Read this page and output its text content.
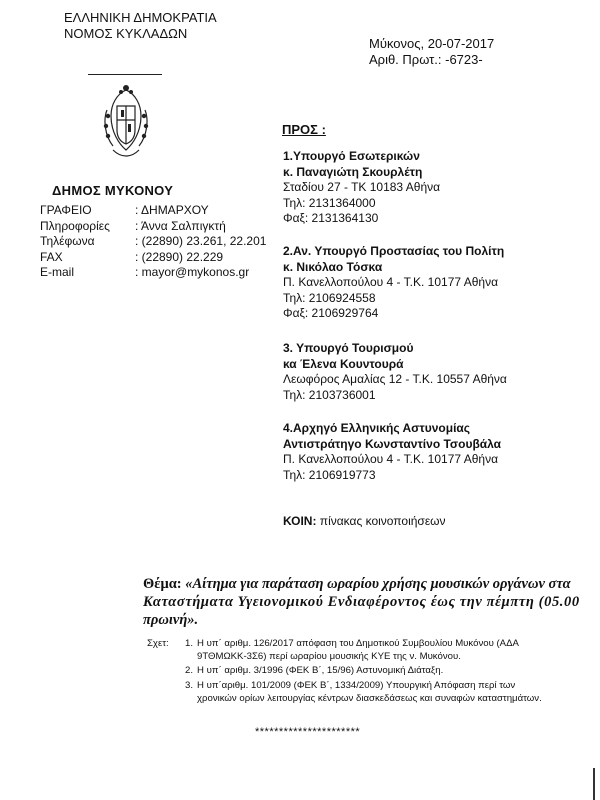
ΕΛΛΗΝΙΚΗ ΔΗΜΟΚΡΑΤΙΑ
ΝΟΜΟΣ ΚΥΚΛΑΔΩΝ
Μύκονος, 20-07-2017
Αριθ. Πρωτ.: -6723-
ΔΗΜΟΣ ΜΥΚΟΝΟΥ
ΓΡΑΦΕΙΟ	: ΔΗΜΑΡΧΟΥ
Πληροφορίες : Άννα Σαλπιγκτή
Τηλέφωνα	: (22890) 23.261, 22.201
FAX	: (22890) 22.229
E-mail	: mayor@mykonos.gr
ΠΡΟΣ :
1.Υπουργό Εσωτερικών
κ. Παναγιώτη Σκουρλέτη
Σταδίου 27 - ΤΚ 10183 Αθήνα
Τηλ: 2131364000
Φαξ: 2131364130
2.Αν. Υπουργό Προστασίας του Πολίτη
κ. Νικόλαο Τόσκα
Π. Κανελλοπούλου 4 - Τ.Κ. 10177 Αθήνα
Τηλ: 2106924558
Φαξ: 2106929764
3. Υπουργό Τουρισμού
κα Έλενα Κουντουρά
Λεωφόρος Αμαλίας 12 - Τ.Κ. 10557 Αθήνα
Τηλ: 2103736001
4.Αρχηγό Ελληνικής Αστυνομίας
Αντιστράτηγο Κωνσταντίνο Τσουβάλα
Π. Κανελλοπούλου 4 - Τ.Κ. 10177 Αθήνα
Τηλ: 2106919773
ΚΟΙΝ: πίνακας κοινοποιήσεων
Θέμα: «Αίτημα για παράταση ωραρίου χρήσης μουσικών οργάνων στα
Καταστήματα Υγειονομικού Ενδιαφέροντος έως την πέμπτη (05.00
πρωινή».
Σχετ: 1. Η υπ΄ αριθμ. 126/2017 απόφαση του Δημοτικού Συμβουλίου Μυκόνου (ΑΔΑ
9ΤΘΜΩΚΚ-3Σ6) περί ωραρίου μουσικής ΚΥΕ της ν. Μυκόνου.
2. Η υπ΄ αριθμ. 3/1996 (ΦΕΚ Β΄, 15/96) Αστυνομική Διάταξη.
3. Η υπ΄αριθμ. 101/2009 (ΦΕΚ Β΄, 1334/2009) Υπουργική Απόφαση περί των
χρονικών ορίων λειτουργίας κέντρων διασκεδάσεως και συναφών καταστημάτων.
**********************
